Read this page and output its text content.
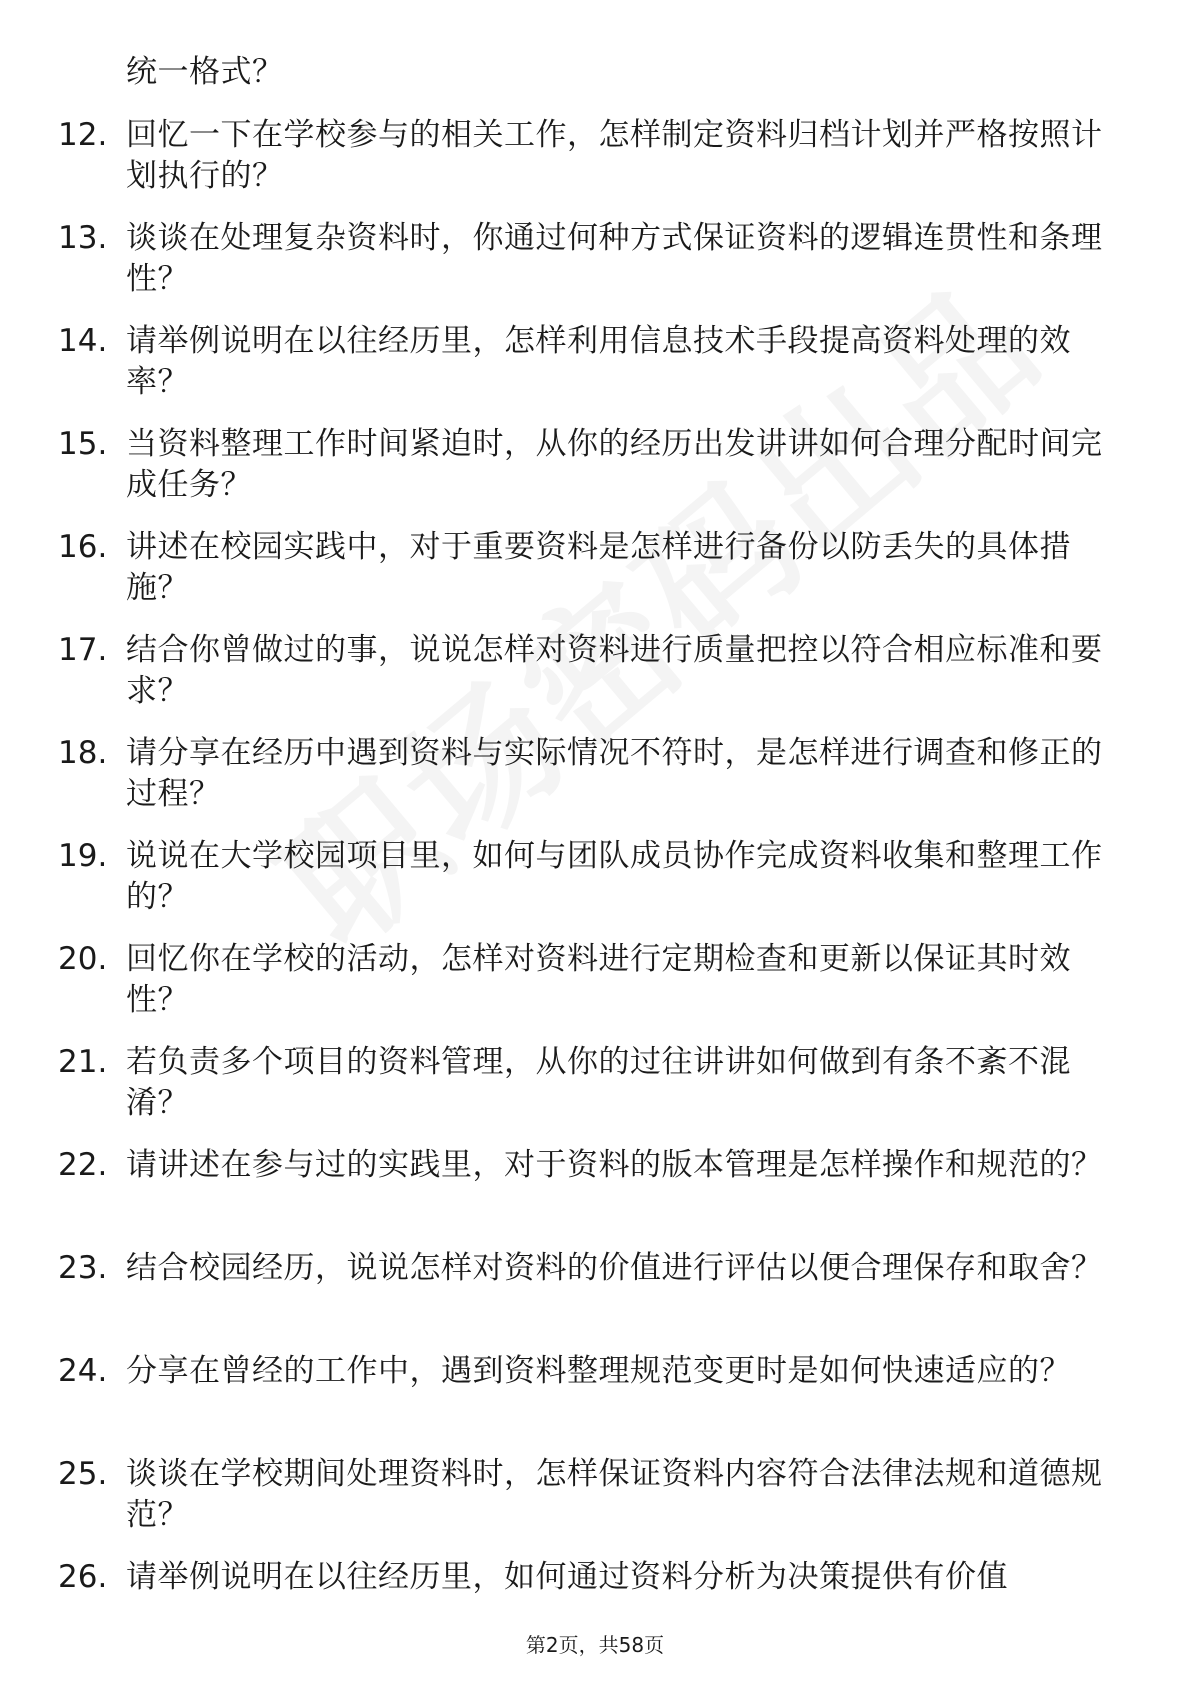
统一格式？
12. 回忆一下在学校参与的相关工作，怎样制定资料归档计划并严格按照计划执行的？
13. 谈谈在处理复杂资料时，你通过何种方式保证资料的逻辑连贯性和条理性？
14. 请举例说明在以往经历里，怎样利用信息技术手段提高资料处理的效率？
15. 当资料整理工作时间紧迫时，从你的经历出发讲讲如何合理分配时间完成任务？
16. 讲述在校园实践中，对于重要资料是怎样进行备份以防丢失的具体措施？
17. 结合你曾做过的事，说说怎样对资料进行质量把控以符合相应标准和要求？
18. 请分享在经历中遇到资料与实际情况不符时，是怎样进行调查和修正的过程？
19. 说说在大学校园项目里，如何与团队成员协作完成资料收集和整理工作的？
20. 回忆你在学校的活动，怎样对资料进行定期检查和更新以保证其时效性？
21. 若负责多个项目的资料管理，从你的过往讲讲如何做到有条不紊不混淆？
22. 请讲述在参与过的实践里，对于资料的版本管理是怎样操作和规范的？
23. 结合校园经历，说说怎样对资料的价值进行评估以便合理保存和取舍？
24. 分享在曾经的工作中，遇到资料整理规范变更时是如何快速适应的？
25. 谈谈在学校期间处理资料时，怎样保证资料内容符合法律法规和道德规范？
26. 请举例说明在以往经历里，如何通过资料分析为决策提供有价值
第2页，共58页
